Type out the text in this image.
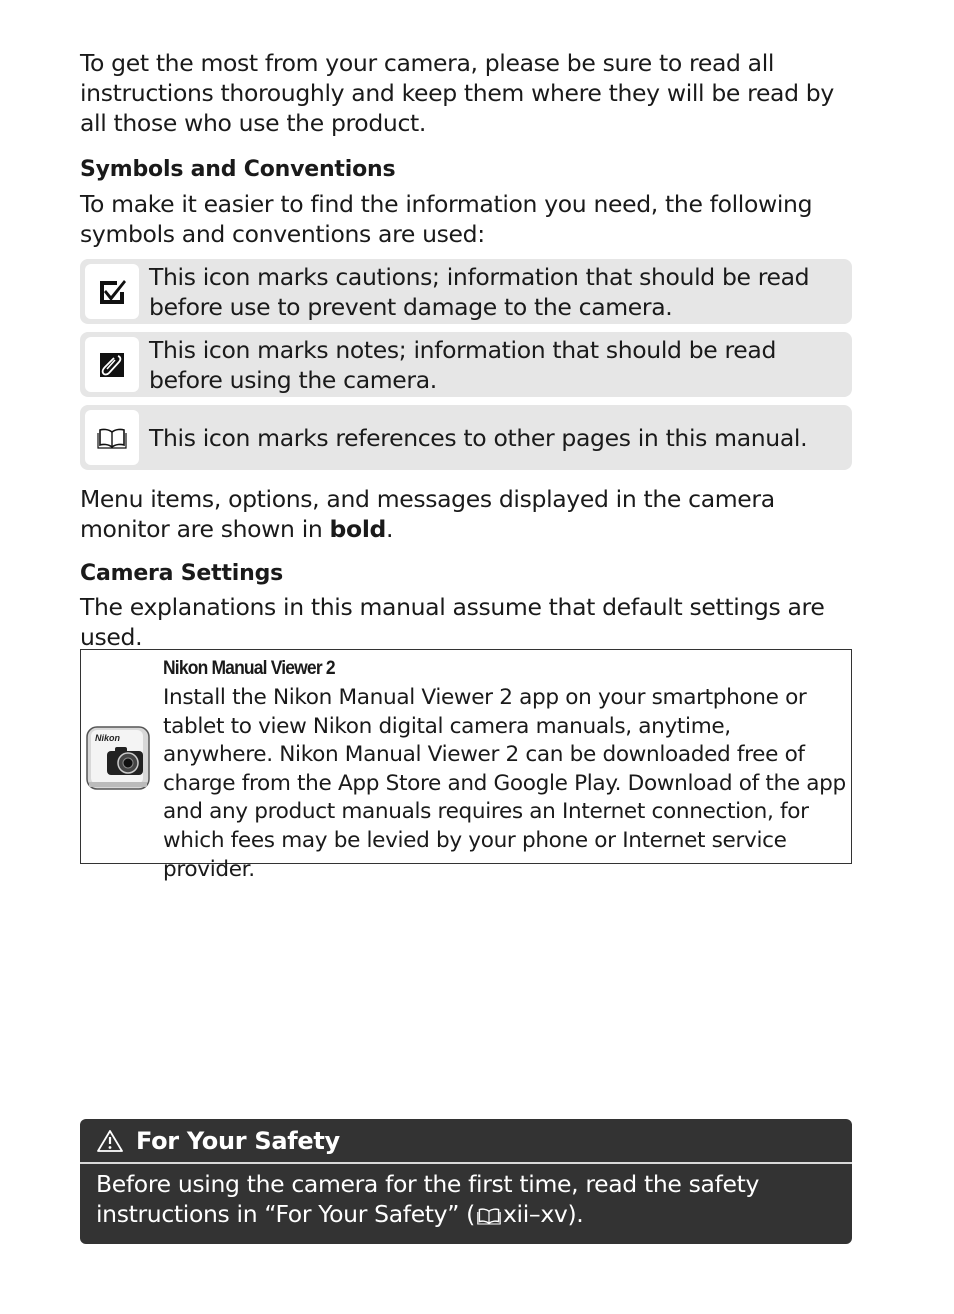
To get the most from your camera, please be sure to read all instructions thoroughly and keep them where they will be read by all those who use the product.

Symbols and Conventions

To make it easier to find the information you need, the following symbols and conventions are used:

This icon marks cautions; information that should be read before use to prevent damage to the camera.
This icon marks notes; information that should be read before using the camera.
This icon marks references to other pages in this manual.

Menu items, options, and messages displayed in the camera monitor are shown in bold.

Camera Settings

The explanations in this manual assume that default settings are used.

Nikon
Nikon Manual Viewer 2

Install the Nikon Manual Viewer 2 app on your smartphone or tablet to view Nikon digital camera manuals, anytime, anywhere. Nikon Manual Viewer 2 can be downloaded free of charge from the App Store and Google Play. Download of the app and any product manuals requires an Internet connection, for which fees may be levied by your phone or Internet service provider.

For Your Safety

Before using the camera for the first time, read the safety instructions in “For Your Safety” ( xii–xv).
